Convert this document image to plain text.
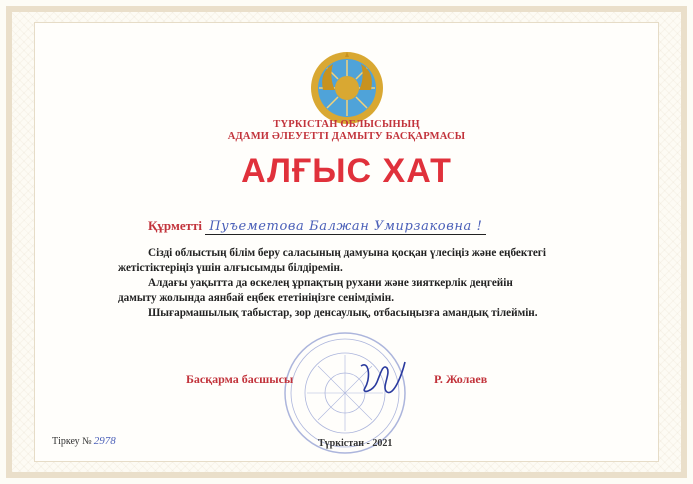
ТҮРКІСТАН ОБЛЫСЫНЫҢ
АДАМИ ӘЛЕУЕТТІ ДАМЫТУ БАСҚАРМАСЫ
АЛҒЫС ХАТ
Құрметті Пуъеметова Балжан Умирзаковна !

Сізді облыстың білім беру саласының дамуына қосқан үлесіңіз және еңбектегі жетістіктеріңіз үшін алғысымды білдіремін.

Алдағы уақытта да өскелең ұрпақтың рухани және зияткерлік деңгейін дамыту жолында аянбай еңбек ететініңізге сенімдімін.

Шығармашылық табыстар, зор денсаулық, отбасыңызға амандық тілеймін.

Басқарма басшысы	Р. Жолаев
Тіркеу № 2978	Түркістан - 2021
